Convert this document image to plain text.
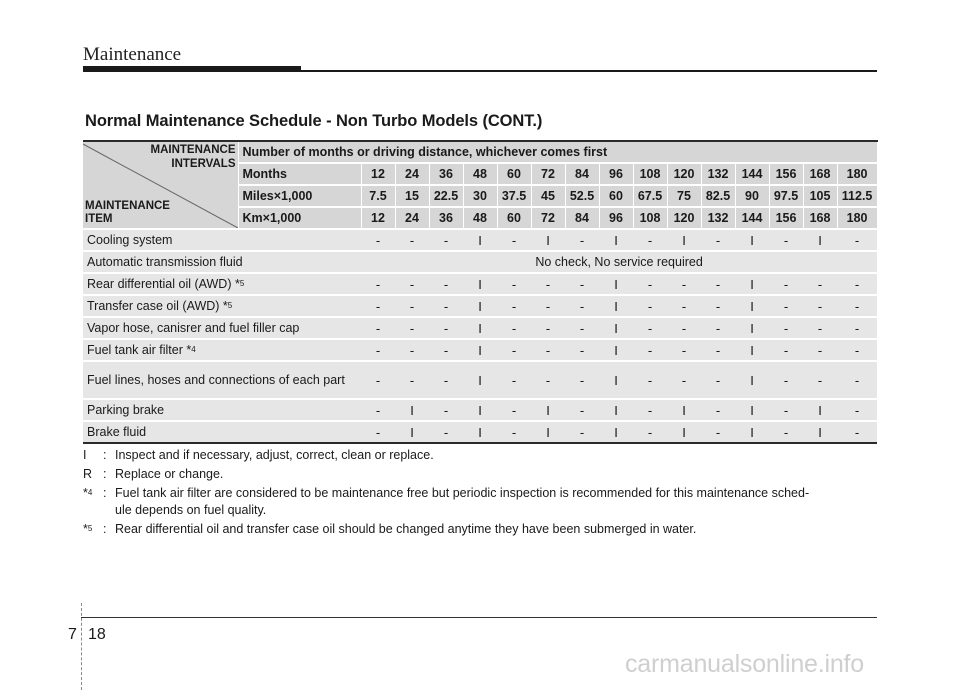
Maintenance
Normal Maintenance Schedule - Non Turbo Models (CONT.)
MAINTENANCE
INTERVALS
MAINTENANCE
ITEM	Number of months or driving distance, whichever comes first															
	Months	12	24	36	48	60	72	84	96	108	120	132	144	156	168	180
	Miles×1,000	7.5	15	22.5	30	37.5	45	52.5	60	67.5	75	82.5	90	97.5	105	112.5
	Km×1,000	12	24	36	48	60	72	84	96	108	120	132	144	156	168	180
Cooling system		-	-	-	I	-	I	-	I	-	I	-	I	-	I	-
Automatic transmission fluid		No check, No service required														
Rear differential oil (AWD) *$^5$		-	-	-	I	-	-	-	I	-	-	-	I	-	-	-
Transfer case oil (AWD) *$^5$		-	-	-	I	-	-	-	I	-	-	-	I	-	-	-
Vapor hose, canisrer and fuel filler cap		-	-	-	I	-	-	-	I	-	-	-	I	-	-	-
Fuel tank air filter *$^4$		-	-	-	I	-	-	-	I	-	-	-	I	-	-	-
Fuel lines, hoses and connections of each part		-	-	-	I	-	-	-	I	-	-	-	I	-	-	-
Parking brake		-	I	-	I	-	I	-	I	-	I	-	I	-	I	-
Brake fluid		-	I	-	I	-	I	-	I	-	I	-	I	-	I	-
I	: Inspect and if necessary, adjust, correct, clean or replace.
R : Replace or change.
*$^4$ : Fuel tank air filter are considered to be maintenance free but periodic inspection is recommended for this maintenance sched-
ule depends on fuel quality.
*$^5$ : Rear differential oil and transfer case oil should be changed anytime they have been submerged in water.
7 18
carmanualsonline.info
